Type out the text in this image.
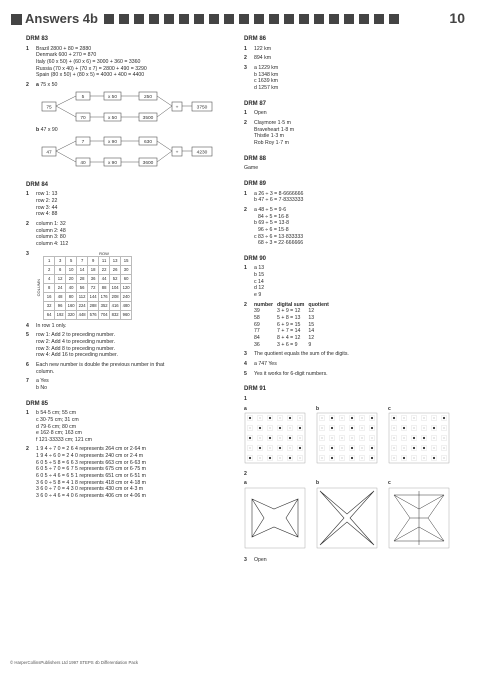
Answers 4b	10
DRM 83
1	Brazil 2800 + 80 = 2880
Denmark 600 + 270 = 870
Italy (60 x 50) + (60 x 6) = 3000 + 360 = 3360
Russia (70 x 40) + (70 x 7) = 2800 + 490 = 3290
Spain (80 x 50) + (80 x 5) = 4000 + 400 = 4400
2	a 75 x 50
75
5	x 50	250
70	x 50	3500
+	3750
b 47 x 90
47
7	x 90	630
40	x 90	3600
+	4230
DRM 84
1	row 1: 13
row 2: 22
row 3: 44
row 4: 88
2	column 1: 32
column 2: 48
column 3: 80
column 4: 112
3	ROW
COLUMN
1	3	5	7	9	11	13	15
2	6	10	14	18	22	26	30
4	12	20	28	36	44	52	60
8	24	40	56	72	88	104	120
16	48	80	112	144	176	208	240
32	96	160	224	288	352	416	480
64	192	320	448	576	704	832	960
4	In row 1 only.
5	row 1: Add 2 to preceding number.
row 2: Add 4 to preceding number.
row 3: Add 8 to preceding number.
row 4: Add 16 to preceding number.
6	Each new number is double the previous number in that
column.
7	a Yes
b No
DRM 85
1	b 54·5 cm; 55 cm
c 30·75 cm; 31 cm
d 79·6 cm; 80 cm
e 162·8 cm; 163 cm
f 121·33333 cm; 121 cm
2	1 9 4 ÷ 7 0 = 2 6 4 represents 264 cm or 2·64 m
1 9 4 ÷ 6 0 = 2 4 0 represents 240 cm or 2·4 m
6 0 5 ÷ 5 8 = 6 6 3 represents 663 cm or 6·63 m
6 0 5 ÷ 7 0 = 6 7 5 represents 675 cm or 6·75 m
6 0 5 ÷ 4 6 = 6 5 1 represents 651 cm or 6·51 m
3 6 0 ÷ 5 8 = 4 1 8 represents 418 cm or 4·18 m
3 6 0 ÷ 7 0 = 4 3 0 represents 430 cm or 4·3 m
3 6 0 ÷ 4 6 = 4 0 6 represents 406 cm or 4·06 m
DRM 86
1	122 km
2	894 km
3	a 1229 km
b 1348 km
c 1639 km
d 1257 km
DRM 87
1	Open
2	Claymore 1·5 m
Braveheart 1·8 m
Thistle 1·3 m
Rob Roy 1·7 m
DRM 88
Game
DRM 89
1	a 26 ÷ 3 = 8·6666666
b 47 ÷ 6 = 7·8333333
2	a 48 ÷ 5 = 9·6
84 ÷ 5 = 16·8
b 69 ÷ 5 = 13·8
96 ÷ 6 = 15·8
c 83 ÷ 6 = 13·833333
68 ÷ 3 = 22·666666
DRM 90
1	a 13
b 15
c 14
d 12
e 9
2	number	digital sum	quotient
39	3 + 9 = 12	12
58	5 + 8 = 13	13
69	6 + 9 = 15	15
77	7 + 7 = 14	14
84	8 + 4 = 12	12
36	3 + 6 = 9	9
3	The quotient equals the sum of the digits.
4	a 747 Yes
5	Yes it works for 6-digit numbers.
DRM 91
1
a	b	c
2
a	b	c
3	Open
© HarperCollinsPublishers Ltd 1997 STEPS 4b Differentiation Pack
